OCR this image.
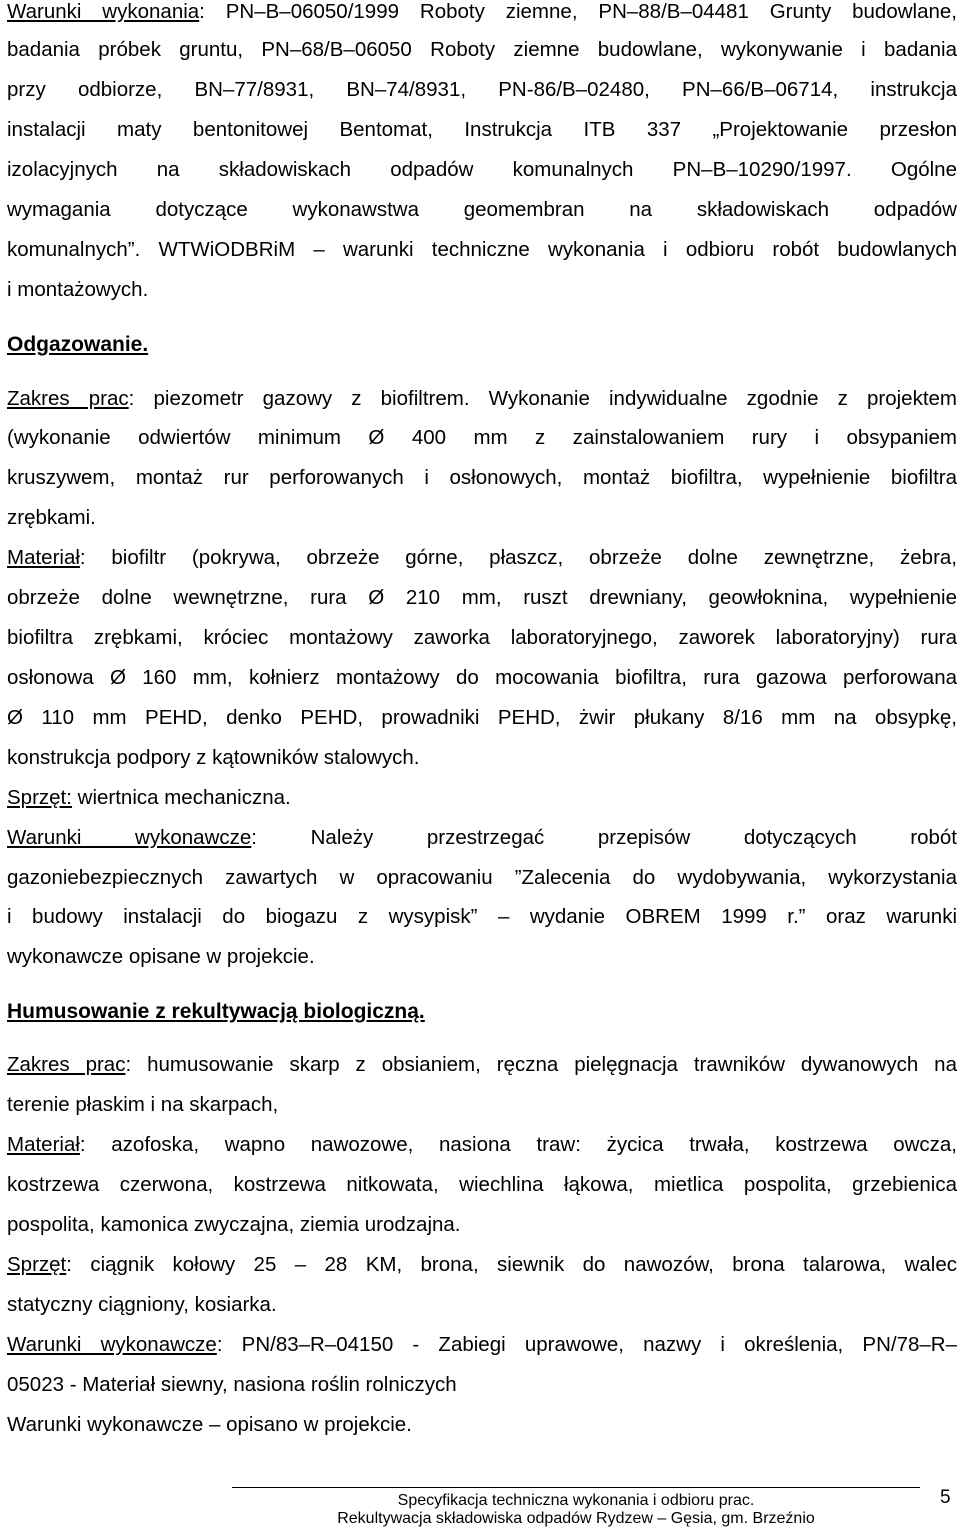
Warunki wykonania: PN–B–06050/1999 Roboty ziemne, PN–88/B–04481 Grunty budowlane,
badania próbek gruntu, PN–68/B–06050 Roboty ziemne budowlane, wykonywanie i badania
przy odbiorze, BN–77/8931, BN–74/8931, PN-86/B–02480, PN–66/B–06714, instrukcja
instalacji maty bentonitowej Bentomat, Instrukcja ITB 337 „Projektowanie przesłon
izolacyjnych na składowiskach odpadów komunalnych PN–B–10290/1997. Ogólne
wymagania dotyczące wykonawstwa geomembran na składowiskach odpadów
komunalnych”. WTWiODBRiM – warunki techniczne wykonania i odbioru robót budowlanych
i montażowych.
Odgazowanie.
Zakres prac: piezometr gazowy z biofiltrem. Wykonanie indywidualne zgodnie z projektem
(wykonanie odwiertów minimum Ø 400 mm z zainstalowaniem rury i obsypaniem
kruszywem, montaż rur perforowanych i osłonowych, montaż biofiltra, wypełnienie biofiltra
zrębkami.
Materiał: biofiltr (pokrywa, obrzeże górne, płaszcz, obrzeże dolne zewnętrzne, żebra,
obrzeże dolne wewnętrzne, rura Ø 210 mm, ruszt drewniany, geowłoknina, wypełnienie
biofiltra zrębkami, króciec montażowy zaworka laboratoryjnego, zaworek laboratoryjny) rura
osłonowa Ø 160 mm, kołnierz montażowy do mocowania biofiltra, rura gazowa perforowana
Ø 110 mm PEHD, denko PEHD, prowadniki PEHD, żwir płukany 8/16 mm na obsypkę,
konstrukcja podpory z kątowników stalowych.
Sprzęt: wiertnica mechaniczna.
Warunki wykonawcze: Należy przestrzegać przepisów dotyczących robót
gazoniebezpiecznych zawartych w opracowaniu ”Zalecenia do wydobywania, wykorzystania
i budowy instalacji do biogazu z wysypisk” – wydanie OBREM 1999 r.” oraz warunki
wykonawcze opisane w projekcie.
Humusowanie z rekultywacją biologiczną.
Zakres prac: humusowanie skarp z obsianiem, ręczna pielęgnacja trawników dywanowych na
terenie płaskim i na skarpach,
Materiał: azofoska, wapno nawozowe, nasiona traw: życica trwała, kostrzewa owcza,
kostrzewa czerwona, kostrzewa nitkowata, wiechlina łąkowa, mietlica pospolita, grzebienica
pospolita, kamonica zwyczajna, ziemia urodzajna.
Sprzęt: ciągnik kołowy 25 – 28 KM, brona, siewnik do nawozów, brona talarowa, walec
statyczny ciągniony, kosiarka.
Warunki wykonawcze: PN/83–R–04150 - Zabiegi uprawowe, nazwy i określenia, PN/78–R–
05023 - Materiał siewny, nasiona roślin rolniczych
Warunki wykonawcze – opisano w projekcie.
Specyfikacja techniczna wykonania i odbioru prac.
Rekultywacja składowiska odpadów Rydzew – Gęsia, gm. Brzeźnio
5
